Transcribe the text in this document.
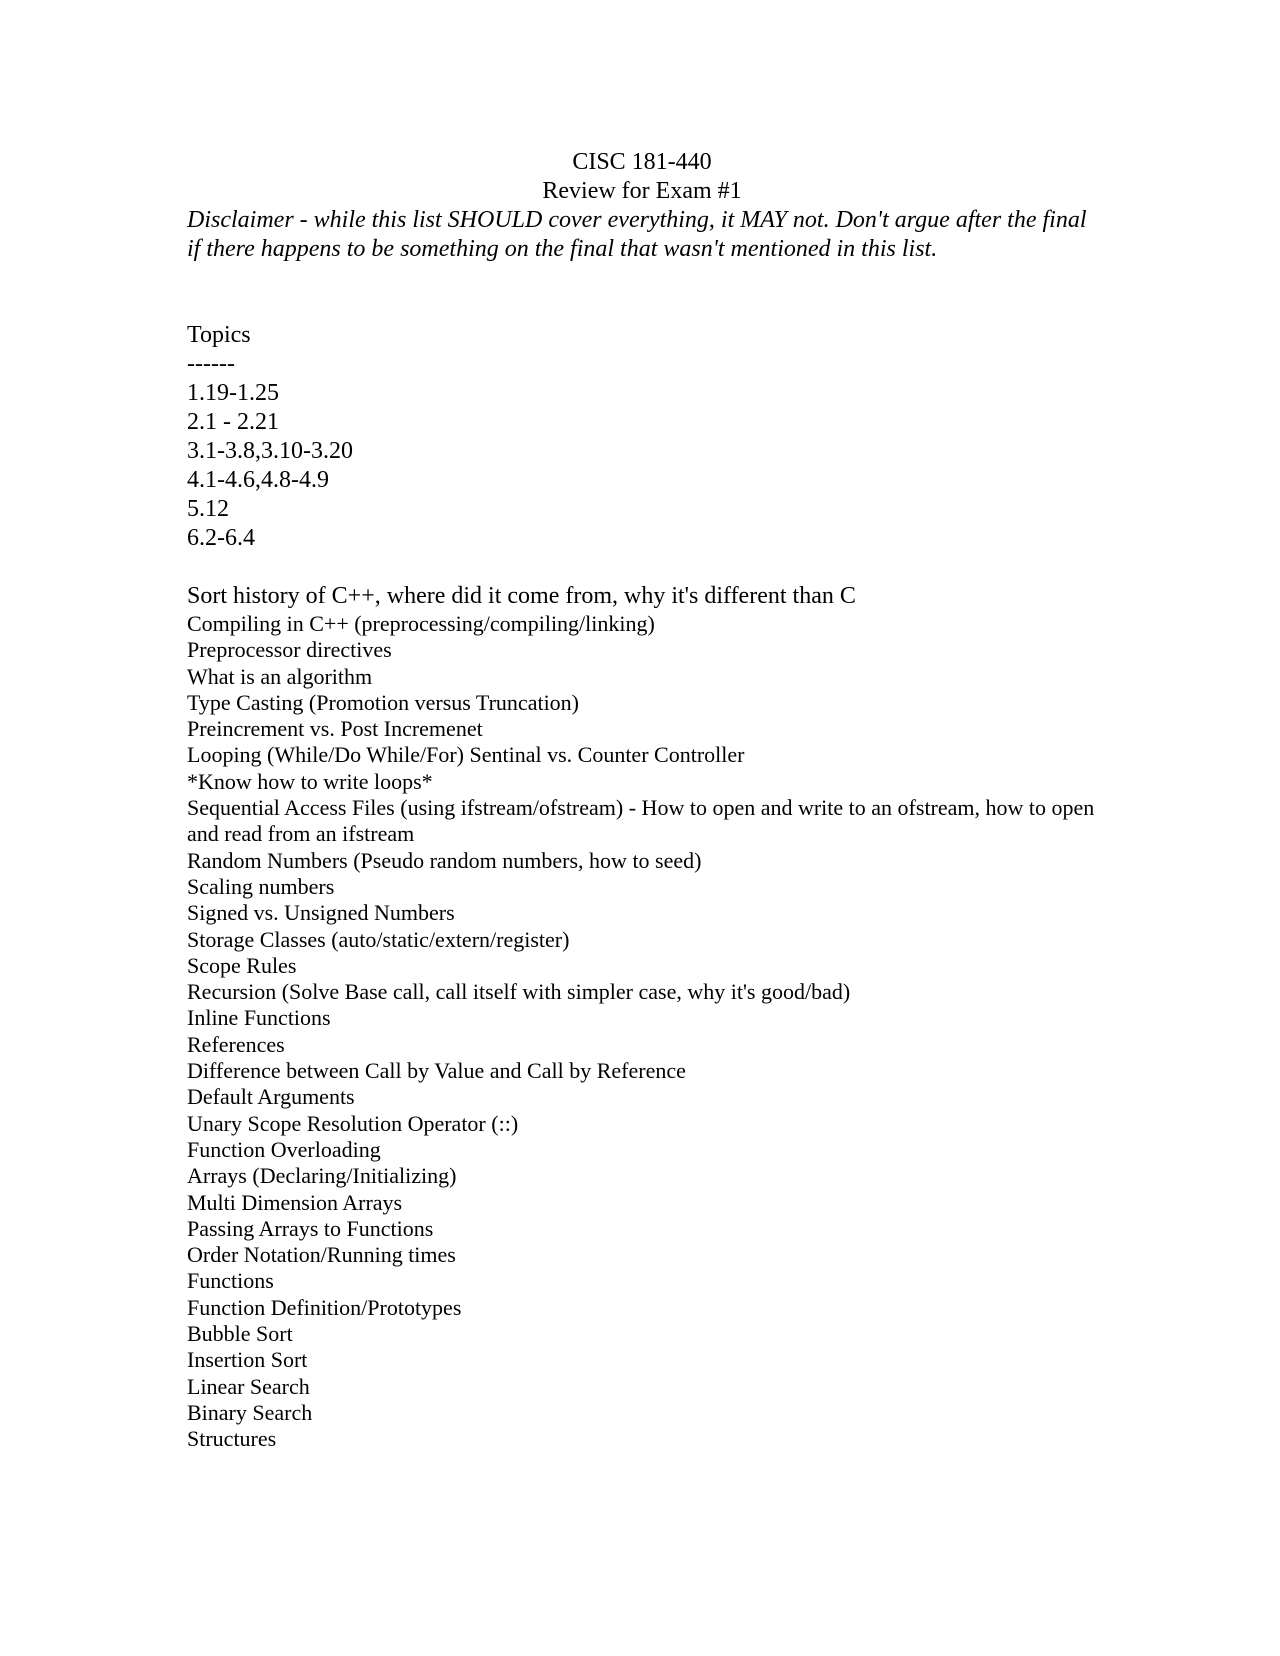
CISC 181-440
Review for Exam #1

Disclaimer - while this list SHOULD cover everything, it MAY not. Don't argue after the final if there happens to be something on the final that wasn't mentioned in this list.

Topics
------
1.19-1.25
2.1 - 2.21
3.1-3.8,3.10-3.20
4.1-4.6,4.8-4.9
5.12
6.2-6.4
Sort history of C++, where did it come from, why it's different than C
Compiling in C++ (preprocessing/compiling/linking)
Preprocessor directives
What is an algorithm
Type Casting (Promotion versus Truncation)
Preincrement vs. Post Incremenet
Looping (While/Do While/For) Sentinal vs. Counter Controller
*Know how to write loops*
Sequential Access Files (using ifstream/ofstream) - How to open and write to an ofstream, how to open and read from an ifstream
Random Numbers (Pseudo random numbers, how to seed)
Scaling numbers
Signed vs. Unsigned Numbers
Storage Classes (auto/static/extern/register)
Scope Rules
Recursion (Solve Base call, call itself with simpler case, why it's good/bad)
Inline Functions
References
Difference between Call by Value and Call by Reference
Default Arguments
Unary Scope Resolution Operator (::)
Function Overloading
Arrays (Declaring/Initializing)
Multi Dimension Arrays
Passing Arrays to Functions
Order Notation/Running times
Functions
Function Definition/Prototypes
Bubble Sort
Insertion Sort
Linear Search
Binary Search
Structures
